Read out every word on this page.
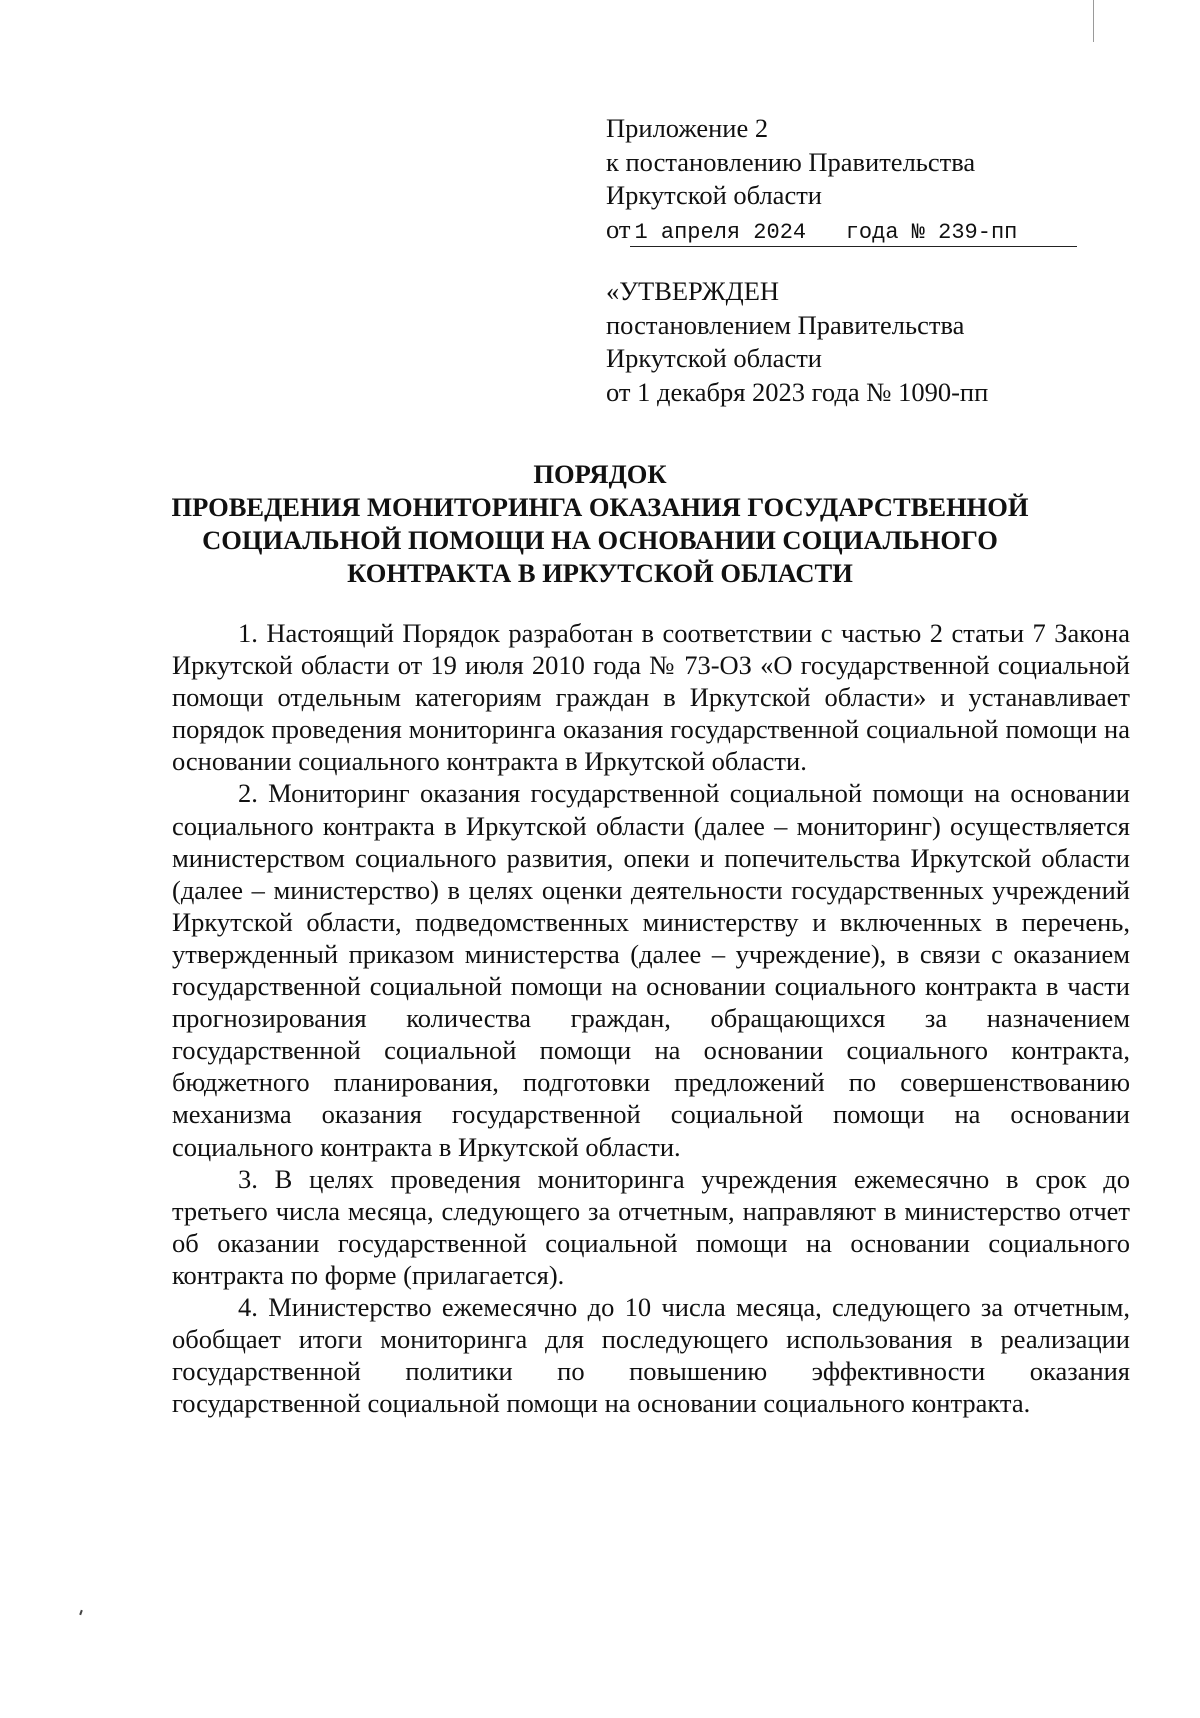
Приложение 2
к постановлению Правительства
Иркутской области
от 1 апреля 2024   года № 239-пп
«УТВЕРЖДЕН
постановлением Правительства
Иркутской области
от 1 декабря 2023 года № 1090-пп
ПОРЯДОК
ПРОВЕДЕНИЯ МОНИТОРИНГА ОКАЗАНИЯ ГОСУДАРСТВЕННОЙ
СОЦИАЛЬНОЙ ПОМОЩИ НА ОСНОВАНИИ СОЦИАЛЬНОГО
КОНТРАКТА В ИРКУТСКОЙ ОБЛАСТИ

1. Настоящий Порядок разработан в соответствии с частью 2 статьи 7 Закона Иркутской области от 19 июля 2010 года № 73-ОЗ «О государственной социальной помощи отдельным категориям граждан в Иркутской области» и устанавливает порядок проведения мониторинга оказания государственной социальной помощи на основании социального контракта в Иркутской области.

2. Мониторинг оказания государственной социальной помощи на основании социального контракта в Иркутской области (далее – мониторинг) осуществляется министерством социального развития, опеки и попечительства Иркутской области (далее – министерство) в целях оценки деятельности государственных учреждений Иркутской области, подведомственных министерству и включенных в перечень, утвержденный приказом министерства (далее – учреждение), в связи с оказанием государственной социальной помощи на основании социального контракта в части прогнозирования количества граждан, обращающихся за назначением государственной социальной помощи на основании социального контракта, бюджетного планирования, подготовки предложений по совершенствованию механизма оказания государственной социальной помощи на основании социального контракта в Иркутской области.

3. В целях проведения мониторинга учреждения ежемесячно в срок до третьего числа месяца, следующего за отчетным, направляют в министерство отчет об оказании государственной социальной помощи на основании социального контракта по форме (прилагается).

4. Министерство ежемесячно до 10 числа месяца, следующего за отчетным, обобщает итоги мониторинга для последующего использования в реализации государственной политики по повышению эффективности оказания государственной социальной помощи на основании социального контракта.
